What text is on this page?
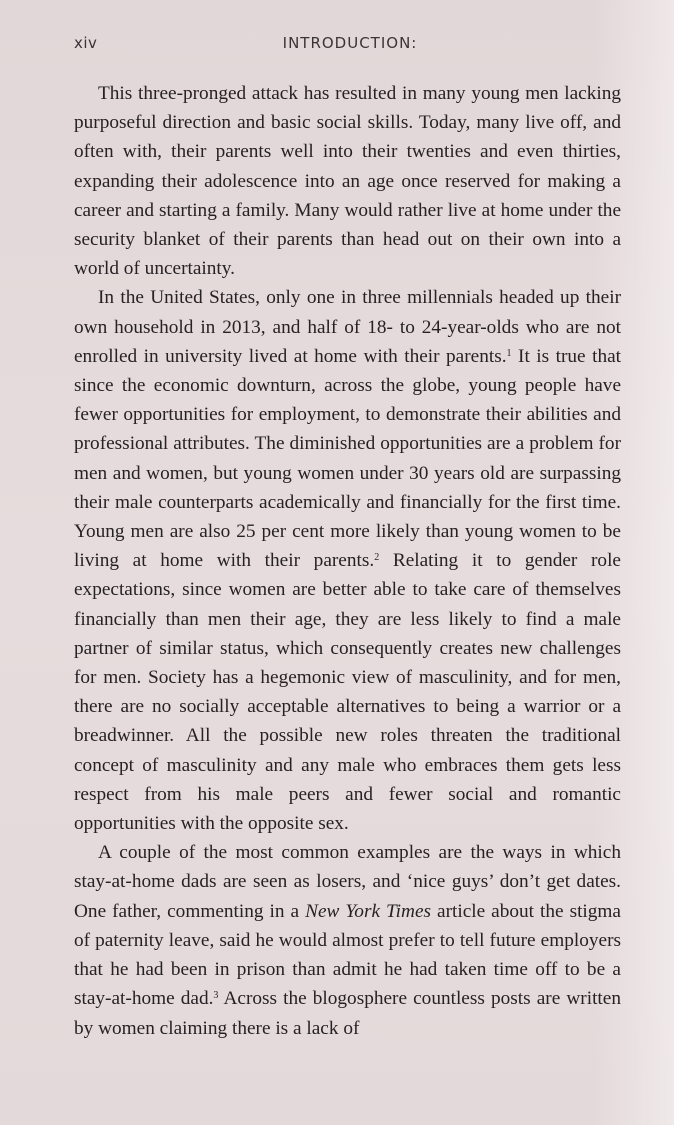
xiv	INTRODUCTION:

This three-pronged attack has resulted in many young men lacking purposeful direction and basic social skills. Today, many live off, and often with, their parents well into their twenties and even thirties, expanding their adolescence into an age once reserved for making a career and starting a family. Many would rather live at home under the security blanket of their parents than head out on their own into a world of uncertainty.

In the United States, only one in three millennials headed up their own household in 2013, and half of 18- to 24-year-olds who are not enrolled in university lived at home with their parents.$^1$ It is true that since the economic downturn, across the globe, young people have fewer opportunities for employment, to demonstrate their abilities and professional attributes. The diminished opportunities are a problem for men and women, but young women under 30 years old are surpassing their male counterparts academically and financially for the first time. Young men are also 25 per cent more likely than young women to be living at home with their parents.$^2$ Relating it to gender role expectations, since women are better able to take care of themselves financially than men their age, they are less likely to find a male partner of similar status, which consequently creates new challenges for men. Society has a hegemonic view of masculinity, and for men, there are no socially acceptable alternatives to being a warrior or a breadwinner. All the possible new roles threaten the traditional concept of masculinity and any male who embraces them gets less respect from his male peers and fewer social and romantic opportunities with the opposite sex.

A couple of the most common examples are the ways in which stay-at-home dads are seen as losers, and ‘nice guys’ don’t get dates. One father, commenting in a New York Times article about the stigma of paternity leave, said he would almost prefer to tell future employers that he had been in prison than admit he had taken time off to be a stay-at-home dad.$^3$ Across the blogosphere countless posts are written by women claiming there is a lack of
